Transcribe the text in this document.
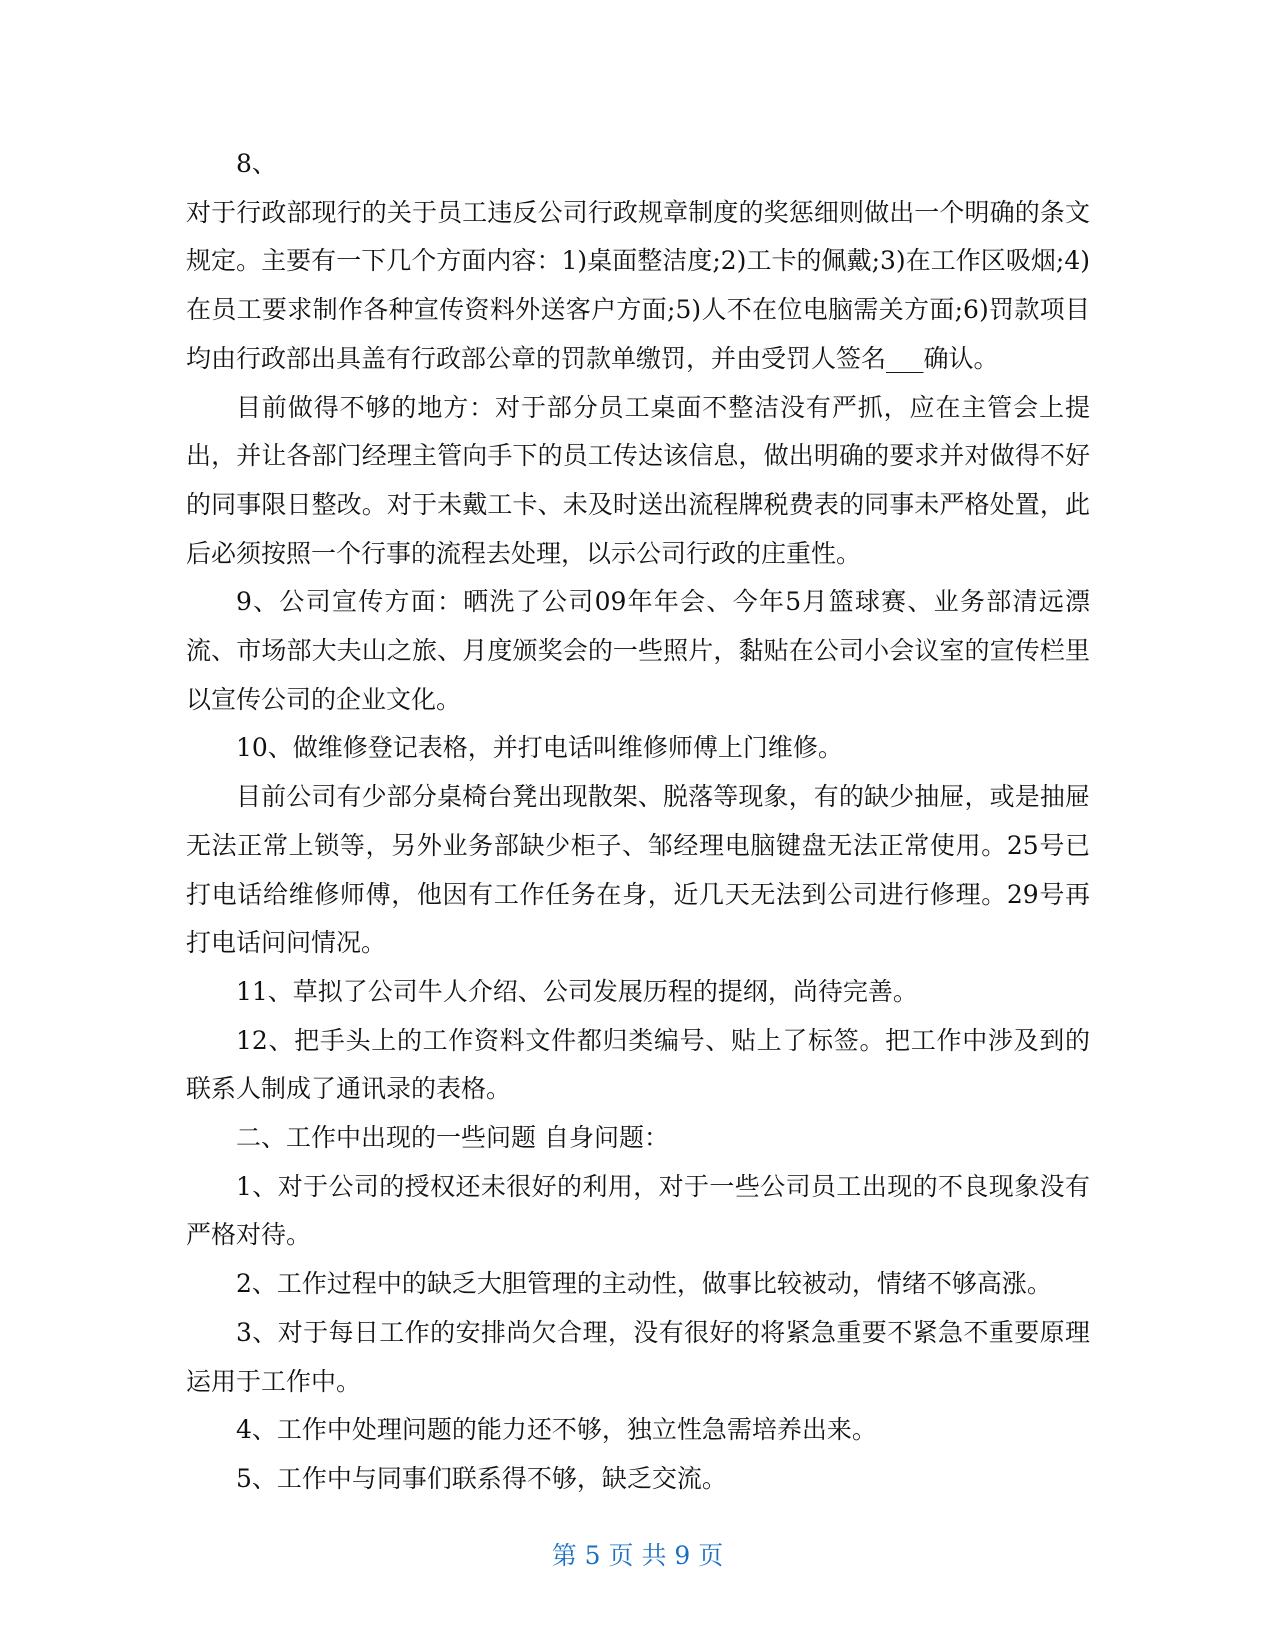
8、

对于行政部现行的关于员工违反公司行政规章制度的奖惩细则做出一个明确的条文规定。主要有一下几个方面内容：1)桌面整洁度;2)工卡的佩戴;3)在工作区吸烟;4)在员工要求制作各种宣传资料外送客户方面;5)人不在位电脑需关方面;6)罚款项目均由行政部出具盖有行政部公章的罚款单缴罚，并由受罚人签名___确认。

目前做得不够的地方：对于部分员工桌面不整洁没有严抓，应在主管会上提出，并让各部门经理主管向手下的员工传达该信息，做出明确的要求并对做得不好的同事限日整改。对于未戴工卡、未及时送出流程牌税费表的同事未严格处置，此后必须按照一个行事的流程去处理，以示公司行政的庄重性。

9、公司宣传方面：晒洗了公司09年年会、今年5月篮球赛、业务部清远漂流、市场部大夫山之旅、月度颁奖会的一些照片，黏贴在公司小会议室的宣传栏里以宣传公司的企业文化。

10、做维修登记表格，并打电话叫维修师傅上门维修。

目前公司有少部分桌椅台凳出现散架、脱落等现象，有的缺少抽屉，或是抽屉无法正常上锁等，另外业务部缺少柜子、邹经理电脑键盘无法正常使用。25号已打电话给维修师傅，他因有工作任务在身，近几天无法到公司进行修理。29号再打电话问问情况。

11、草拟了公司牛人介绍、公司发展历程的提纲，尚待完善。

12、把手头上的工作资料文件都归类编号、贴上了标签。把工作中涉及到的联系人制成了通讯录的表格。

二、工作中出现的一些问题 自身问题：

1、对于公司的授权还未很好的利用，对于一些公司员工出现的不良现象没有严格对待。

2、工作过程中的缺乏大胆管理的主动性，做事比较被动，情绪不够高涨。

3、对于每日工作的安排尚欠合理，没有很好的将紧急重要不紧急不重要原理运用于工作中。

4、工作中处理问题的能力还不够，独立性急需培养出来。

5、工作中与同事们联系得不够，缺乏交流。

第 5 页 共 9 页
